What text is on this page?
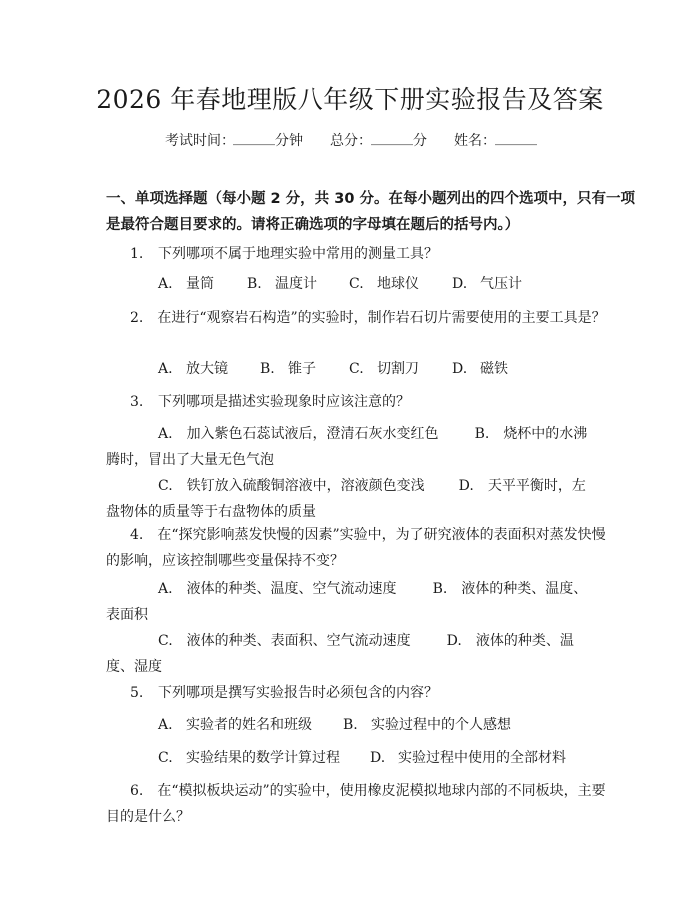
2026 年春地理版八年级下册实验报告及答案
考试时间：
______ 分钟 总分： ______ 分 姓名： ______
一、单项选择题（每小题 2 分，共 30 分。在每小题列出的四个选项中，只有一项
是最符合题目要求的。请将正确选项的字母填在题后的括号内。）
1. 下列哪项不属于地理实验中常用的测量工具？
A. 量筒 B. 温度计 C. 地球仪 D. 气压计
2. 在进行“观察岩石构造”的实验时，制作岩石切片需要使用的主要工具是？
A. 放大镜 B. 锥子 C. 切割刀 D. 磁铁
3. 下列哪项是描述实验现象时应该注意的？
A. 加入紫色石蕊试液后，澄清石灰水变红色	B. 烧杯中的水沸腾时，冒出了大量无色气泡
C. 铁钉放入硫酸铜溶液中，溶液颜色变浅 D. 天平平衡时，左盘物体的质量等于右盘物体的质量
4. 在“探究影响蒸发快慢的因素”实验中，为了研究液体的表面积对蒸发快慢的影响，应该控制哪些变量保持不变？
A. 液体的种类、温度、空气流动速度	B. 液体的种类、温度、表面积
C. 液体的种类、表面积、空气流动速度	D. 液体的种类、温度、湿度
5. 下列哪项是撰写实验报告时必须包含的内容？
A. 实验者的姓名和班级 B. 实验过程中的个人感想
C. 实验结果的数学计算过程 D. 实验过程中使用的全部材料
6. 在“模拟板块运动”的实验中，使用橡皮泥模拟地球内部的不同板块，主要目的是什么？
